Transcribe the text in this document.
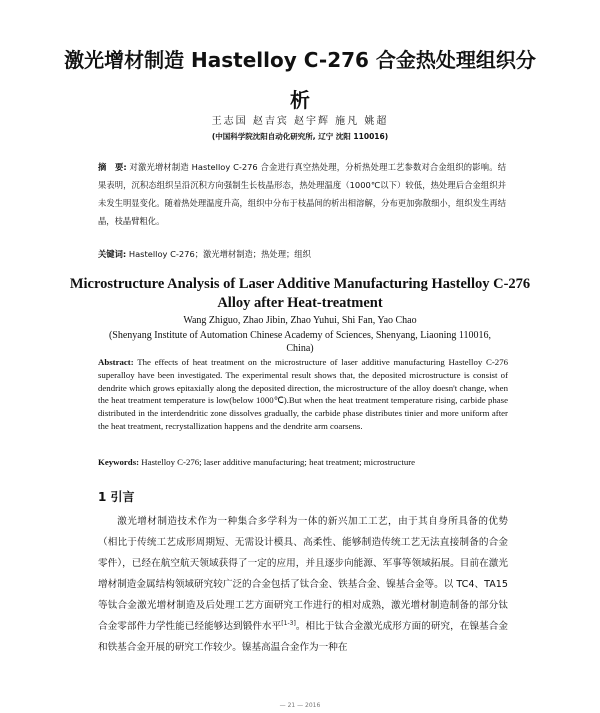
激光增材制造 Hastelloy C-276 合金热处理组织分析
王志国 赵吉宾 赵宇辉 施凡 姚超
(中国科学院沈阳自动化研究所, 辽宁 沈阳 110016)

摘　要: 对激光增材制造 Hastelloy C-276 合金进行真空热处理，分析热处理工艺参数对合金组织的影响。结果表明，沉积态组织呈沿沉积方向强制生长枝晶形态，热处理温度（1000℃以下）较低，热处理后合金组织并未发生明显变化。随着热处理温度升高，组织中分布于枝晶间的析出相溶解，分布更加弥散细小，组织发生再结晶，枝晶臂粗化。

关键词: Hastelloy C-276；激光增材制造；热处理；组织

Microstructure Analysis of Laser Additive Manufacturing Hastelloy C-276 Alloy after Heat-treatment
Wang Zhiguo, Zhao Jibin, Zhao Yuhui, Shi Fan, Yao Chao
(Shenyang Institute of Automation Chinese Academy of Sciences, Shenyang, Liaoning 110016, China)

Abstract: The effects of heat treatment on the microstructure of laser additive manufacturing Hastelloy C-276 superalloy have been investigated. The experimental result shows that, the deposited microstructure is consist of dendrite which grows epitaxially along the deposited direction, the microstructure of the alloy doesn't change, when the heat treatment temperature is low(below 1000℃).But when the heat treatment temperature rising, carbide phase distributed in the interdendritic zone dissolves gradually, the carbide phase distributes tinier and more uniform after the heat treatment, recrystallization happens and the dendrite arm coarsens.

Keywords: Hastelloy C-276; laser additive manufacturing; heat treatment; microstructure

1 引言

激光增材制造技术作为一种集合多学科为一体的新兴加工工艺，由于其自身所具备的优势（相比于传统工艺成形周期短、无需设计模具、高柔性、能够制造传统工艺无法直接制备的合金零件），已经在航空航天领域获得了一定的应用，并且逐步向能源、军事等领域拓展。目前在激光增材制造金属结构领域研究较广泛的合金包括了钛合金、铁基合金、镍基合金等。以 TC4、TA15 等钛合金激光增材制造及后处理工艺方面研究工作进行的相对成熟，激光增材制造制备的部分钛合金零部件力学性能已经能够达到锻件水平[1-3]。相比于钛合金激光成形方面的研究，在镍基合金和铁基合金开展的研究工作较少。镍基高温合金作为一种在

— 21 — 2016
